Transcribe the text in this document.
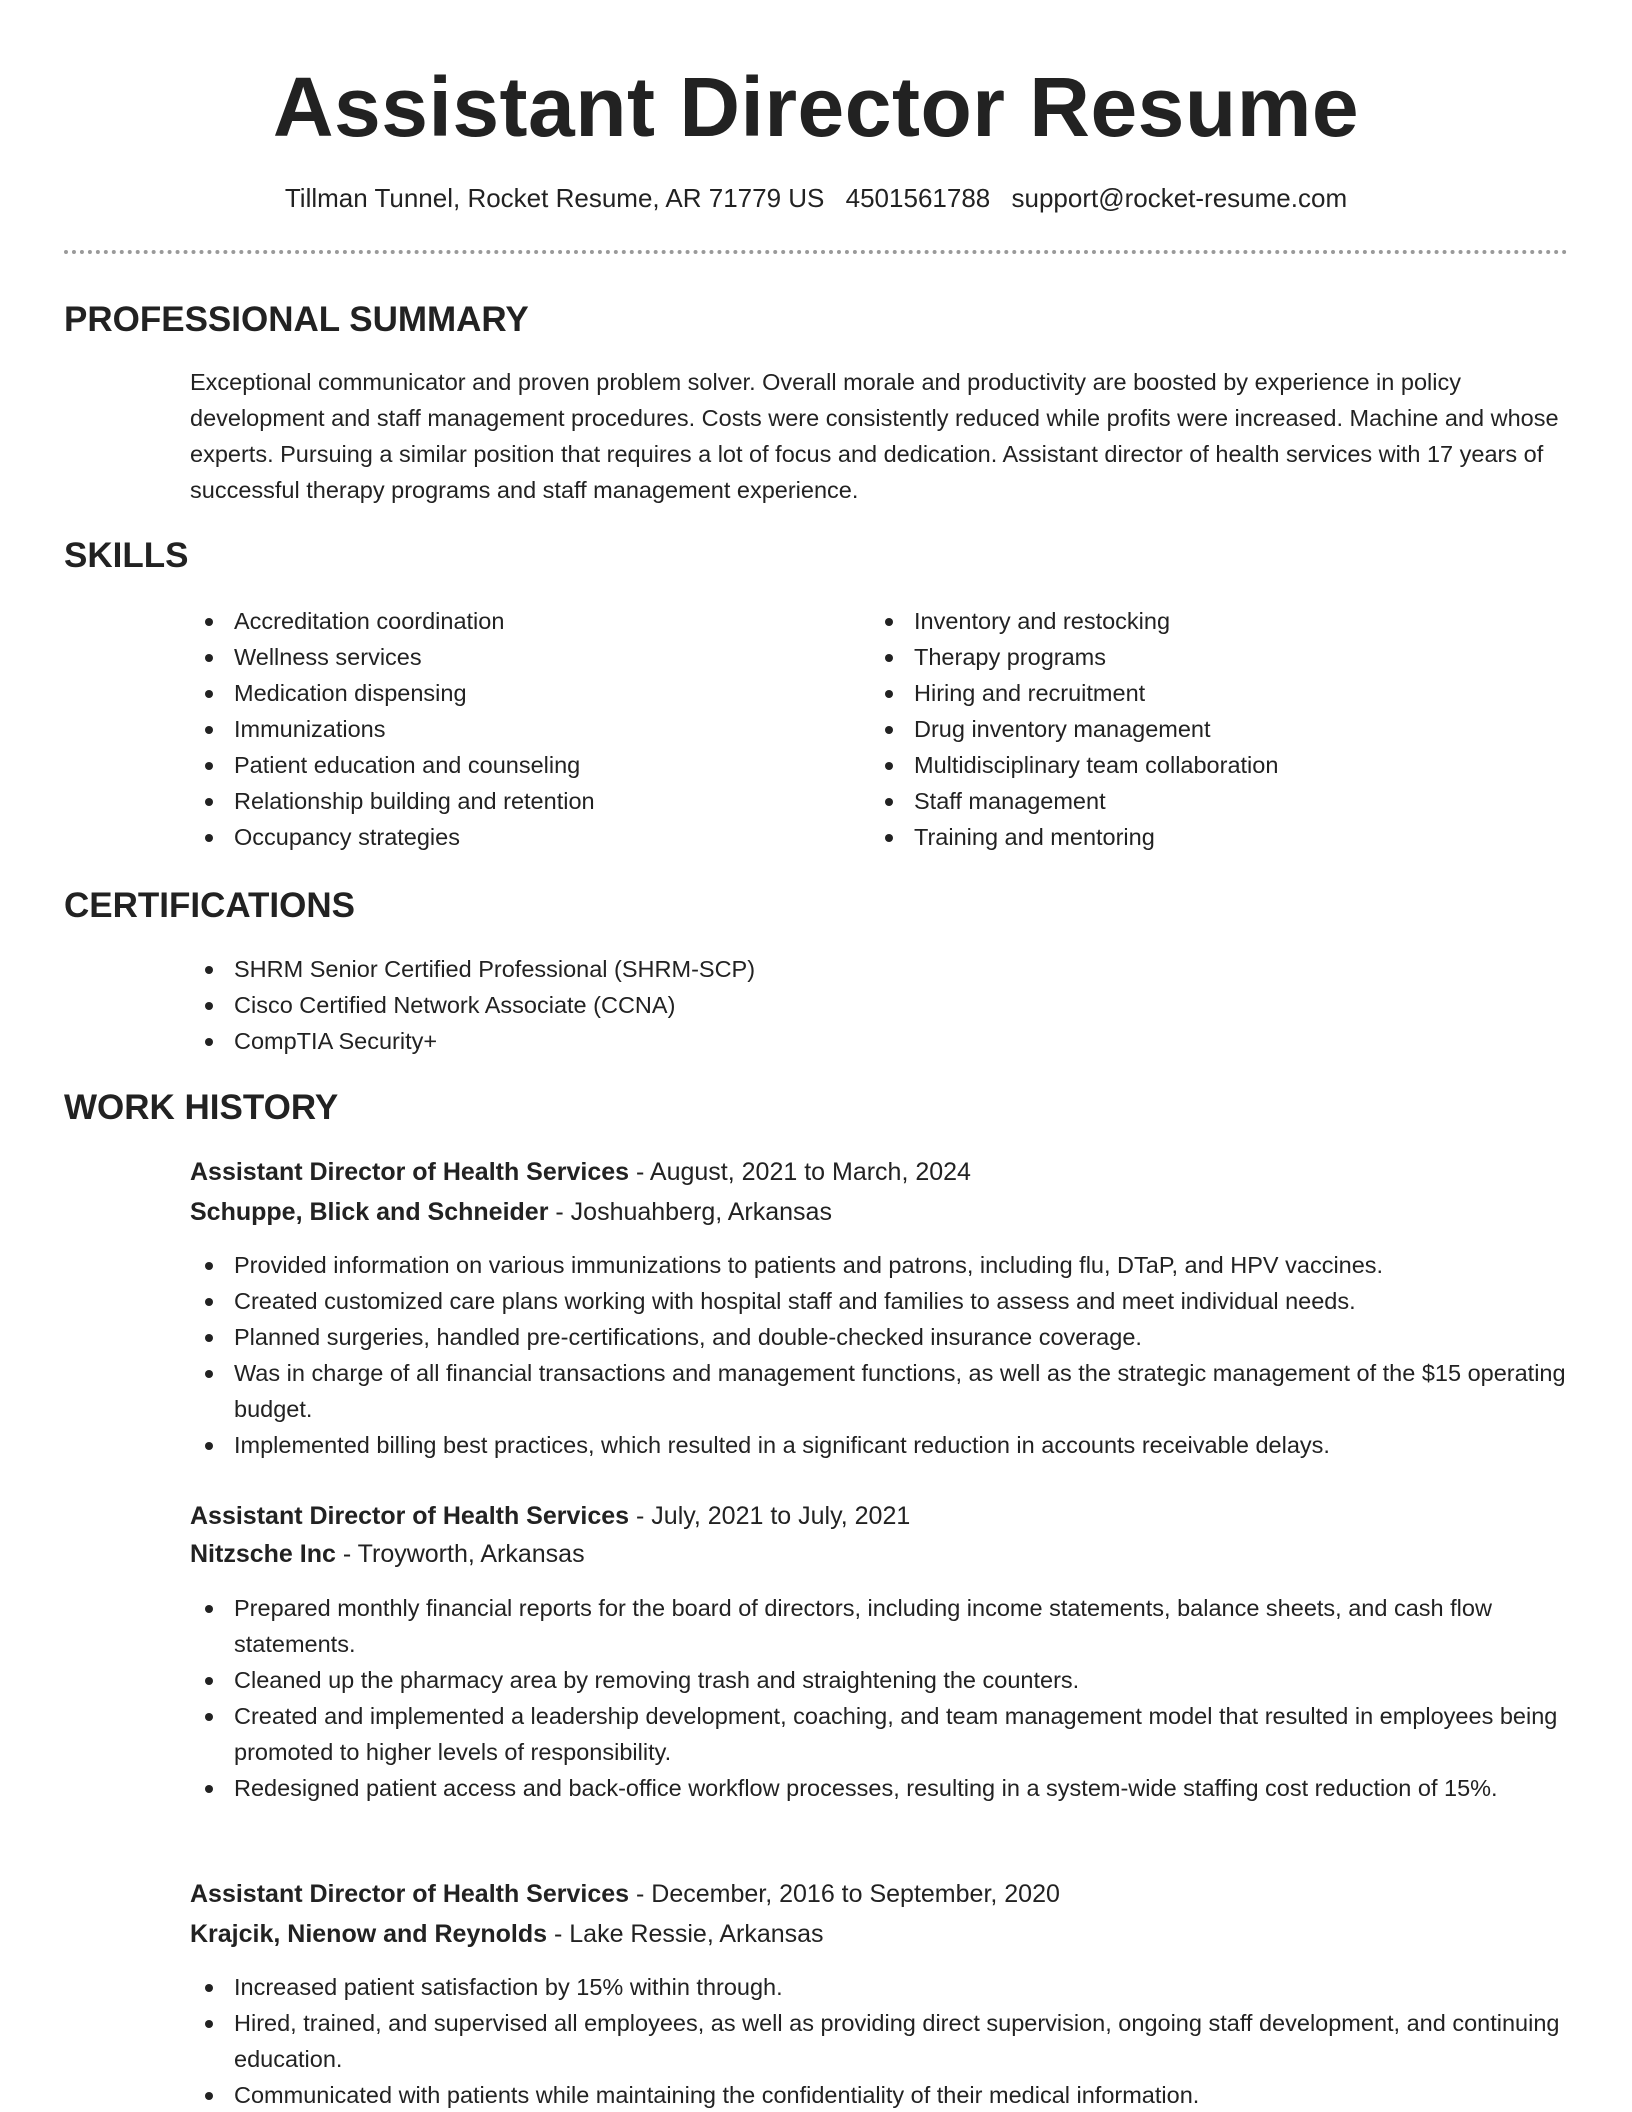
Assistant Director Resume
Tillman Tunnel, Rocket Resume, AR 71779 US 4501561788 support@rocket-resume.com
PROFESSIONAL SUMMARY

Exceptional communicator and proven problem solver. Overall morale and productivity are boosted by experience in policy development and staff management procedures. Costs were consistently reduced while profits were increased. Machine and whose experts. Pursuing a similar position that requires a lot of focus and dedication. Assistant director of health services with 17 years of successful therapy programs and staff management experience.

SKILLS
Accreditation coordination
Wellness services
Medication dispensing
Immunizations
Patient education and counseling
Relationship building and retention
Occupancy strategies
Inventory and restocking
Therapy programs
Hiring and recruitment
Drug inventory management
Multidisciplinary team collaboration
Staff management
Training and mentoring
CERTIFICATIONS
SHRM Senior Certified Professional (SHRM-SCP)
Cisco Certified Network Associate (CCNA)
CompTIA Security+
WORK HISTORY
Assistant Director of Health Services - August, 2021 to March, 2024
Schuppe, Blick and Schneider - Joshuahberg, Arkansas
Provided information on various immunizations to patients and patrons, including flu, DTaP, and HPV vaccines.
Created customized care plans working with hospital staff and families to assess and meet individual needs.
Planned surgeries, handled pre-certifications, and double-checked insurance coverage.
Was in charge of all financial transactions and management functions, as well as the strategic management of the $15 operating budget.
Implemented billing best practices, which resulted in a significant reduction in accounts receivable delays.
Assistant Director of Health Services - July, 2021 to July, 2021
Nitzsche Inc - Troyworth, Arkansas
Prepared monthly financial reports for the board of directors, including income statements, balance sheets, and cash flow statements.
Cleaned up the pharmacy area by removing trash and straightening the counters.
Created and implemented a leadership development, coaching, and team management model that resulted in employees being promoted to higher levels of responsibility.
Redesigned patient access and back-office workflow processes, resulting in a system-wide staffing cost reduction of 15%.
Assistant Director of Health Services - December, 2016 to September, 2020
Krajcik, Nienow and Reynolds - Lake Ressie, Arkansas
Increased patient satisfaction by 15% within through.
Hired, trained, and supervised all employees, as well as providing direct supervision, ongoing staff development, and continuing education.
Communicated with patients while maintaining the confidentiality of their medical information.
